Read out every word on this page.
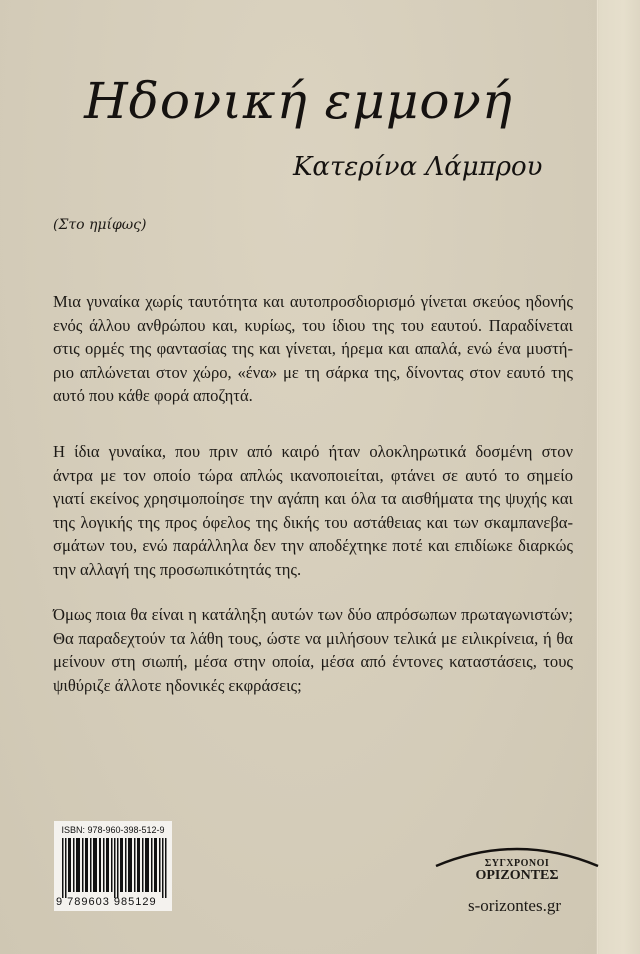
Ηδονική εμμονή
Κατερίνα Λάμπρου
(Στο ημίφως)
Μια γυναίκα χωρίς ταυτότητα και αυτοπροσδιορισμό γίνεται σκεύος ηδονής
ενός άλλου ανθρώπου και, κυρίως, του ίδιου της του εαυτού. Παραδίνεται
στις ορμές της φαντασίας της και γίνεται, ήρεμα και απαλά, ενώ ένα μυστή-
ριο απλώνεται στον χώρο, «ένα» με τη σάρκα της, δίνοντας στον εαυτό της
αυτό που κάθε φορά αποζητά.
Η ίδια γυναίκα, που πριν από καιρό ήταν ολοκληρωτικά δοσμένη στον
άντρα με τον οποίο τώρα απλώς ικανοποιείται, φτάνει σε αυτό το σημείο
γιατί εκείνος χρησιμοποίησε την αγάπη και όλα τα αισθήματα της ψυχής και
της λογικής της προς όφελος της δικής του αστάθειας και των σκαμπανεβα-
σμάτων του, ενώ παράλληλα δεν την αποδέχτηκε ποτέ και επιδίωκε διαρκώς
την αλλαγή της προσωπικότητάς της.
Όμως ποια θα είναι η κατάληξη αυτών των δύο απρόσωπων πρωταγωνιστών;
Θα παραδεχτούν τα λάθη τους, ώστε να μιλήσουν τελικά με ειλικρίνεια, ή θα
μείνουν στη σιωπή, μέσα στην οποία, μέσα από έντονες καταστάσεις, τους
ψιθύριζε άλλοτε ηδονικές εκφράσεις;
ISBN: 978-960-398-512-9
9 789603 985129
ΣΥΓΧΡΟΝΟΙ
ΟΡΙΖΟΝΤΕΣ
s-orizontes.gr
